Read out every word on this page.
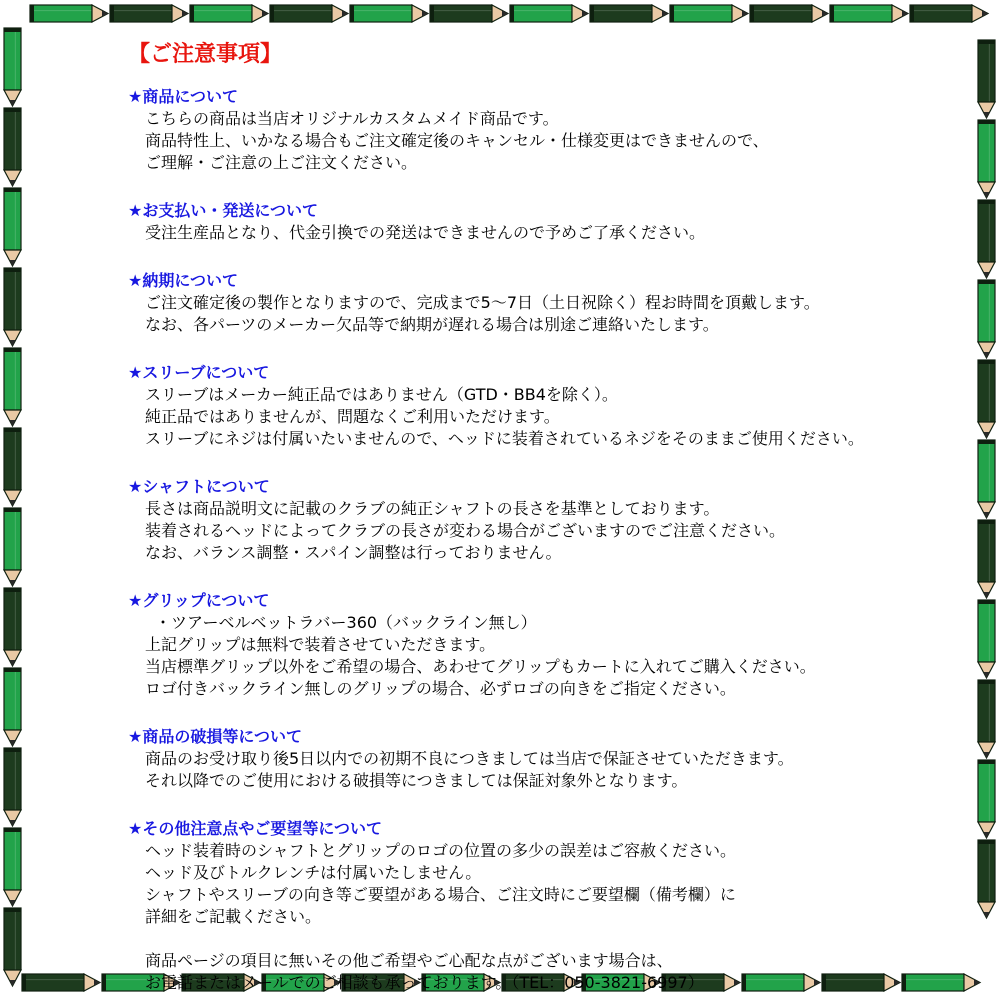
【ご注意事項】
★商品について
こちらの商品は当店オリジナルカスタムメイド商品です。
商品特性上、いかなる場合もご注文確定後のキャンセル・仕様変更はできませんので、
ご理解・ご注意の上ご注文ください。
★お支払い・発送について
受注生産品となり、代金引換での発送はできませんので予めご了承ください。
★納期について
ご注文確定後の製作となりますので、完成まで5～7日（土日祝除く）程お時間を頂戴します。
なお、各パーツのメーカー欠品等で納期が遅れる場合は別途ご連絡いたします。
★スリーブについて
スリーブはメーカー純正品ではありません（GTD・BB4を除く）。
純正品ではありませんが、問題なくご利用いただけます。
スリーブにネジは付属いたいませんので、ヘッドに装着されているネジをそのままご使用ください。
★シャフトについて
長さは商品説明文に記載のクラブの純正シャフトの長さを基準としております。
装着されるヘッドによってクラブの長さが変わる場合がございますのでご注意ください。
なお、バランス調整・スパイン調整は行っておりません。
★グリップについて
・ツアーベルベットラバー360（バックライン無し）
上記グリップは無料で装着させていただきます。
当店標準グリップ以外をご希望の場合、あわせてグリップもカートに入れてご購入ください。
ロゴ付きバックライン無しのグリップの場合、必ずロゴの向きをご指定ください。
★商品の破損等について
商品のお受け取り後5日以内での初期不良につきましては当店で保証させていただきます。
それ以降でのご使用における破損等につきましては保証対象外となります。
★その他注意点やご要望等について
ヘッド装着時のシャフトとグリップのロゴの位置の多少の誤差はご容赦ください。
ヘッド及びトルクレンチは付属いたしません。
シャフトやスリーブの向き等ご要望がある場合、ご注文時にご要望欄（備考欄）に
詳細をご記載ください。
商品ページの項目に無いその他ご希望やご心配な点がございます場合は、
お電話またはメールでのご相談も承っております。（TEL：050-3821-6997）
